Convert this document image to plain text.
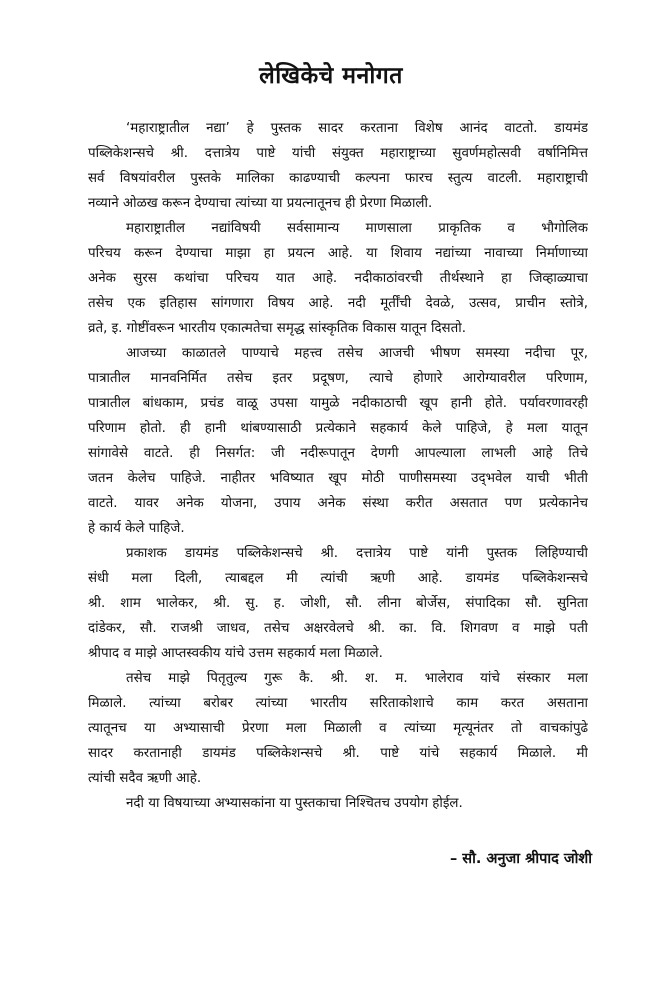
लेखिकेचे मनोगत
‘महाराष्ट्रातील नद्या’ हे पुस्तक सादर करताना विशेष आनंद वाटतो. डायमंड
पब्लिकेशन्सचे श्री. दत्तात्रेय पाष्टे यांची संयुक्त महाराष्ट्राच्या सुवर्णमहोत्सवी वर्षानिमित्त
सर्व विषयांवरील पुस्तके मालिका काढण्याची कल्पना फारच स्तुत्य वाटली. महाराष्ट्राची
नव्याने ओळख करून देण्याचा त्यांच्या या प्रयत्नातूनच ही प्रेरणा मिळाली.
महाराष्ट्रातील नद्यांविषयी सर्वसामान्य माणसाला प्राकृतिक व भौगोलिक
परिचय करून देण्याचा माझा हा प्रयत्न आहे. या शिवाय नद्यांच्या नावाच्या निर्माणाच्या
अनेक सुरस कथांचा परिचय यात आहे. नदीकाठांवरची तीर्थस्थाने हा जिव्हाळ्याचा
तसेच एक इतिहास सांगणारा विषय आहे. नदी मूर्तींची देवळे, उत्सव, प्राचीन स्तोत्रे,
व्रते, इ. गोष्टींवरून भारतीय एकात्मतेचा समृद्ध सांस्कृतिक विकास यातून दिसतो.
आजच्या काळातले पाण्याचे महत्त्व तसेच आजची भीषण समस्या नदीचा पूर,
पात्रातील मानवनिर्मित तसेच इतर प्रदूषण, त्याचे होणारे आरोग्यावरील परिणाम,
पात्रातील बांधकाम, प्रचंड वाळू उपसा यामुळे नदीकाठाची खूप हानी होते. पर्यावरणावरही
परिणाम होतो. ही हानी थांबण्यासाठी प्रत्येकाने सहकार्य केले पाहिजे, हे मला यातून
सांगावेसे वाटते. ही निसर्गत: जी नदीरूपातून देणगी आपल्याला लाभली आहे तिचे
जतन केलेच पाहिजे. नाहीतर भविष्यात खूप मोठी पाणीसमस्या उद्‌भवेल याची भीती
वाटते. यावर अनेक योजना, उपाय अनेक संस्था करीत असतात पण प्रत्येकानेच
हे कार्य केले पाहिजे.
प्रकाशक डायमंड पब्लिकेशन्सचे श्री. दत्तात्रेय पाष्टे यांनी पुस्तक लिहिण्याची
संधी मला दिली, त्याबद्दल मी त्यांची ऋणी आहे. डायमंड पब्लिकेशन्सचे
श्री. शाम भालेकर, श्री. सु. ह. जोशी, सौ. लीना बोर्जेस, संपादिका सौ. सुनिता
दांडेकर, सौ. राजश्री जाधव, तसेच अक्षरवेलचे श्री. का. वि. शिगवण व माझे पती
श्रीपाद व माझे आप्तस्वकीय यांचे उत्तम सहकार्य मला मिळाले.
तसेच माझे पितृतुल्य गुरू कै. श्री. श. म. भालेराव यांचे संस्कार मला
मिळाले. त्यांच्या बरोबर त्यांच्या भारतीय सरिताकोशाचे काम करत असताना
त्यातूनच या अभ्यासाची प्रेरणा मला मिळाली व त्यांच्या मृत्यूनंतर तो वाचकांपुढे
सादर करतानाही डायमंड पब्लिकेशन्सचे श्री. पाष्टे यांचे सहकार्य मिळाले. मी
त्यांची सदैव ऋणी आहे.
नदी या विषयाच्या अभ्यासकांना या पुस्तकाचा निश्चितच उपयोग होईल.
– सौ. अनुजा श्रीपाद जोशी
